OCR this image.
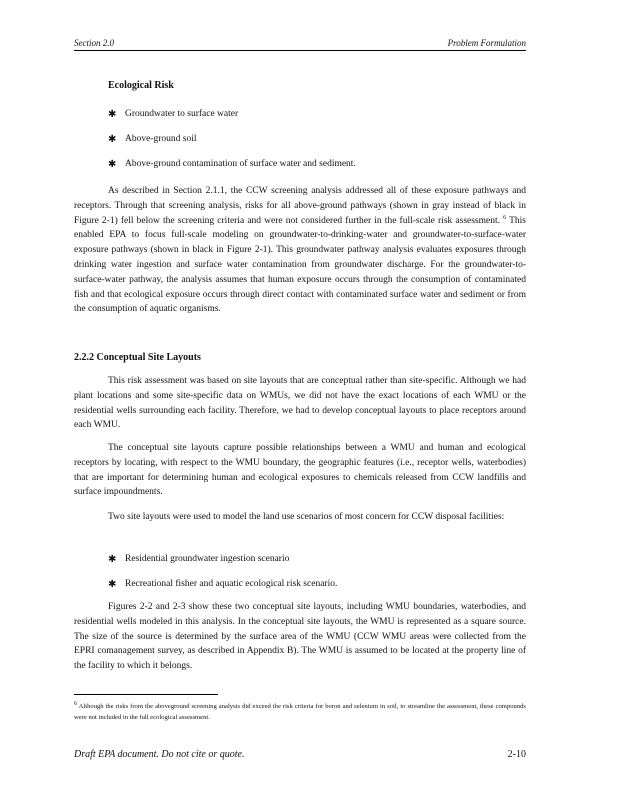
Section 2.0	Problem Formulation
Ecological Risk
✱ Groundwater to surface water
✱ Above-ground soil
✱ Above-ground contamination of surface water and sediment.
As described in Section 2.1.1, the CCW screening analysis addressed all of these exposure pathways and receptors. Through that screening analysis, risks for all above-ground pathways (shown in gray instead of black in Figure 2-1) fell below the screening criteria and were not considered further in the full-scale risk assessment. $^6$ This enabled EPA to focus full-scale modeling on groundwater-to-drinking-water and groundwater-to-surface-water exposure pathways (shown in black in Figure 2-1). This groundwater pathway analysis evaluates exposures through drinking water ingestion and surface water contamination from groundwater discharge. For the groundwater-to-surface-water pathway, the analysis assumes that human exposure occurs through the consumption of contaminated fish and that ecological exposure occurs through direct contact with contaminated surface water and sediment or from the consumption of aquatic organisms.
2.2.2 Conceptual Site Layouts
This risk assessment was based on site layouts that are conceptual rather than site-specific. Although we had plant locations and some site-specific data on WMUs, we did not have the exact locations of each WMU or the residential wells surrounding each facility. Therefore, we had to develop conceptual layouts to place receptors around each WMU.
The conceptual site layouts capture possible relationships between a WMU and human and ecological receptors by locating, with respect to the WMU boundary, the geographic features (i.e., receptor wells, waterbodies) that are important for determining human and ecological exposures to chemicals released from CCW landfills and surface impoundments.
Two site layouts were used to model the land use scenarios of most concern for CCW disposal facilities:
✱ Residential groundwater ingestion scenario
✱ Recreational fisher and aquatic ecological risk scenario.
Figures 2-2 and 2-3 show these two conceptual site layouts, including WMU boundaries, waterbodies, and residential wells modeled in this analysis. In the conceptual site layouts, the WMU is represented as a square source. The size of the source is determined by the surface area of the WMU (CCW WMU areas were collected from the EPRI comanagement survey, as described in Appendix B). The WMU is assumed to be located at the property line of the facility to which it belongs.
$^6$ Although the risks from the aboveground screening analysis did exceed the risk criteria for boron and selenium in soil, to streamline the assessment, these compounds were not included in the full ecological assessment.
Draft EPA document. Do not cite or quote.	2-10
